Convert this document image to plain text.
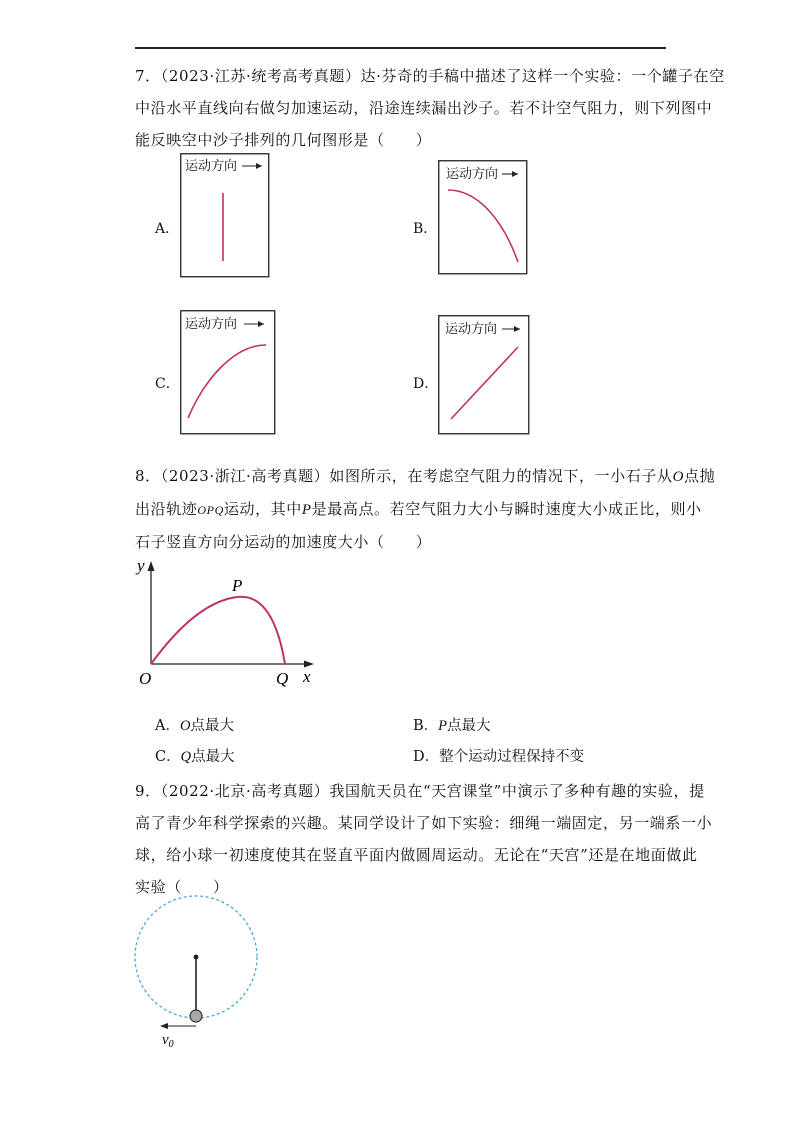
7．（2023·江苏·统考高考真题）达·芬奇的手稿中描述了这样一个实验：一个罐子在空
中沿水平直线向右做匀加速运动，沿途连续漏出沙子。若不计空气阻力，则下列图中
能反映空中沙子排列的几何图形是（　　）

A．	B．
C．	D．
运动方向
运动方向
运动方向	运动方向

8．（2023·浙江·高考真题）如图所示，在考虑空气阻力的情况下，一小石子从O点抛
出沿轨迹OPQ运动，其中P是最高点。若空气阻力大小与瞬时速度大小成正比，则小
石子竖直方向分运动的加速度大小（　　）

y
P
O	Q x
A．O点最大	B．P点最大
C．Q点最大	D．整个运动过程保持不变

9．（2022·北京·高考真题）我国航天员在“天宫课堂”中演示了多种有趣的实验，提
高了青少年科学探索的兴趣。某同学设计了如下实验：细绳一端固定，另一端系一小
球，给小球一初速度使其在竖直平面内做圆周运动。无论在“天宫”还是在地面做此
实验（　　）

$v_0$
